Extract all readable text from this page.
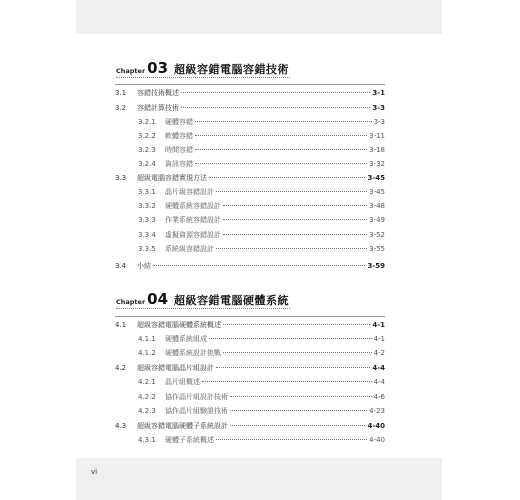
Chapter 03 超級容錯電腦容錯技術
3.1	容錯技術概述	3-1
3.2	容錯計算技術	3-3
3.2.1	硬體容錯	3-3
3.2.2	軟體容錯	3-11
3.2.3	時間容錯	3-18
3.2.4	資訊容錯	3-32
3.3	超級電腦容錯實現方法	3-45
3.3.1	晶片級容錯設計	3-45
3.3.2	硬體系統容錯設計	3-48
3.3.3	作業系統容錯設計	3-49
3.3.4	虛擬資源容錯設計	3-52
3.3.5	系統級容錯設計	3-55
3.4	小結	3-59
Chapter 04 超級容錯電腦硬體系統
4.1	超級容錯電腦硬體系統概述	4-1
4.1.1	硬體系統組成	4-1
4.1.2	硬體系統設計挑戰	4-2
4.2	超級容錯電腦晶片組設計	4-4
4.2.1	晶片組概述	4-4
4.2.2	協作晶片組設計技術	4-6
4.2.3	協作晶片組驗證技術	4-23
4.3	超級容錯電腦硬體子系統設計	4-40
4.3.1	硬體子系統概述	4-40
vi
